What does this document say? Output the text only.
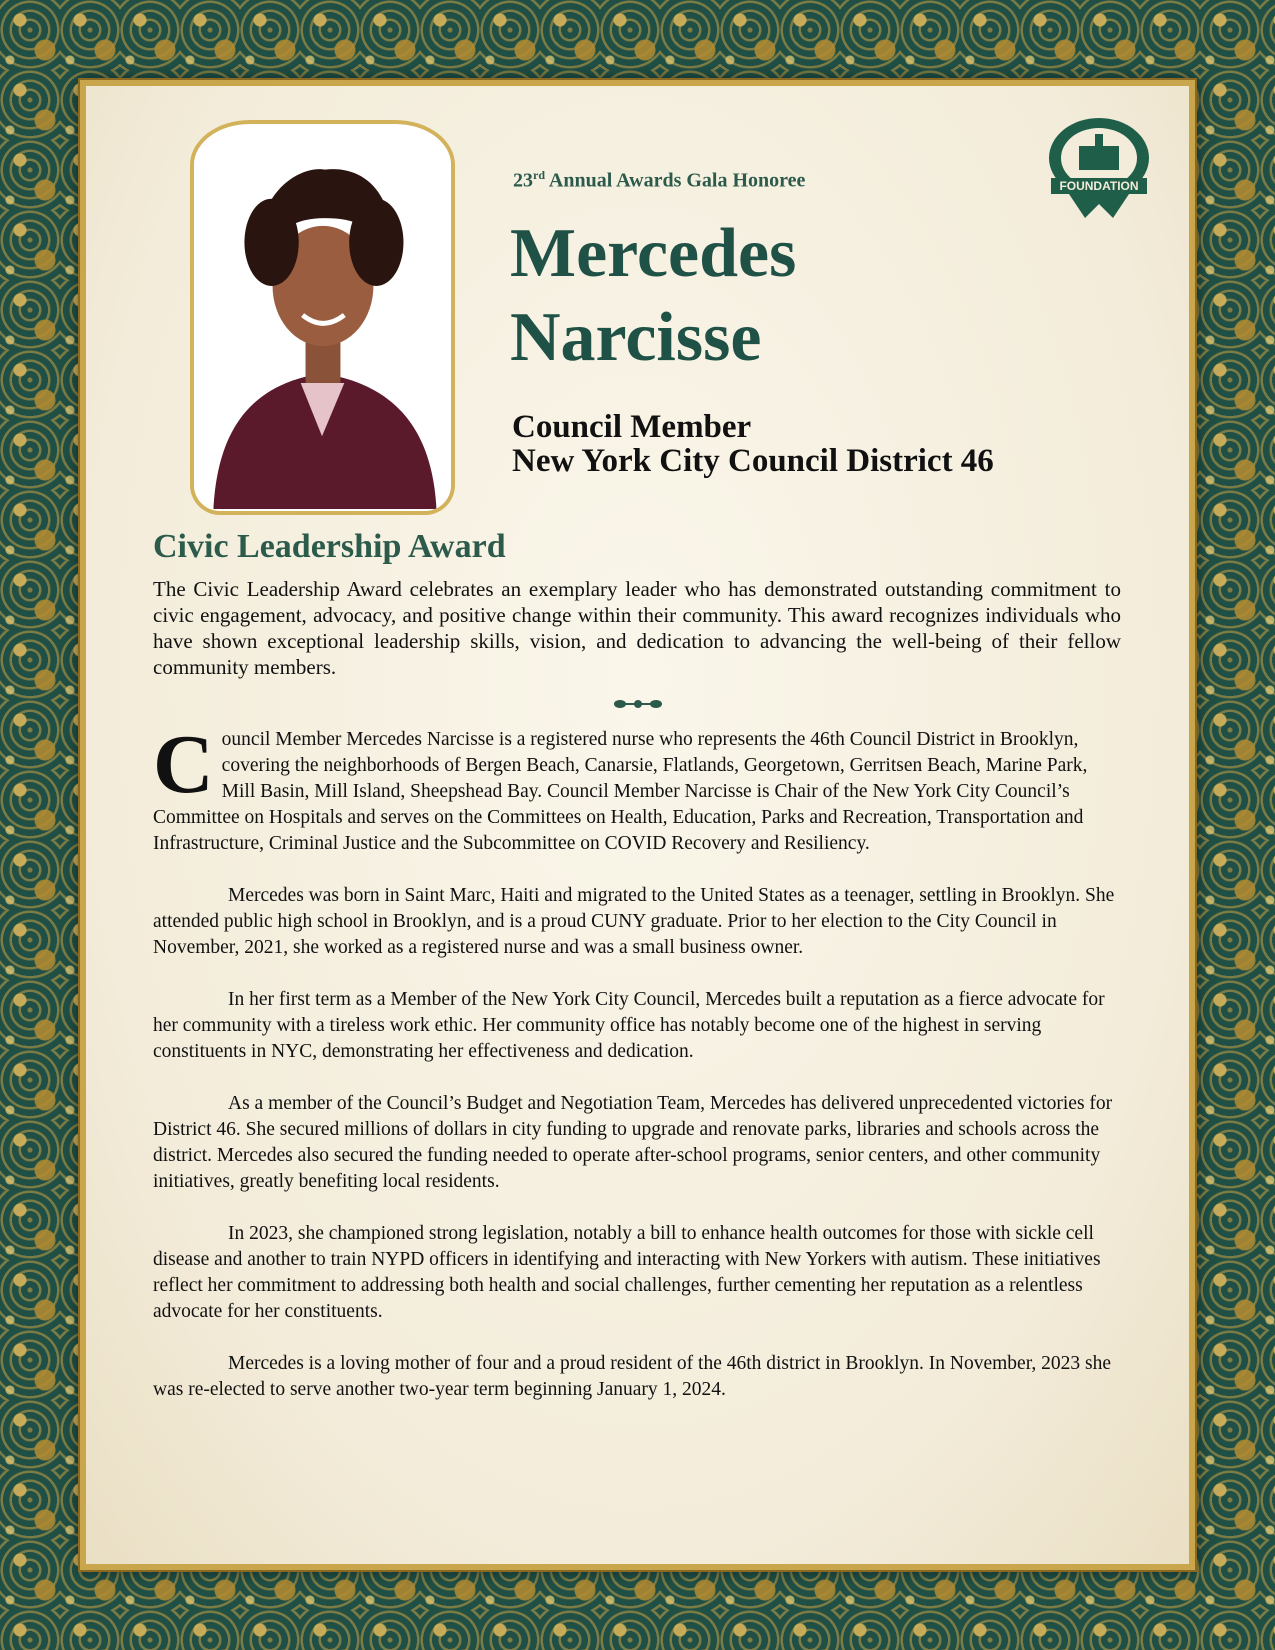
FOUNDATION

23rd Annual Awards Gala Honoree

Mercedes
Narcisse
Council Member
New York City Council District 46
Civic Leadership Award

The Civic Leadership Award celebrates an exemplary leader who has demonstrated outstanding commitment to civic engagement, advocacy, and positive change within their community. This award recognizes individuals who have shown exceptional leadership skills, vision, and dedication to advancing the well-being of their fellow community members.

Council Member Mercedes Narcisse is a registered nurse who represents the 46th Council District in Brooklyn, covering the neighborhoods of Bergen Beach, Canarsie, Flatlands, Georgetown, Gerritsen Beach, Marine Park, Mill Basin, Mill Island, Sheepshead Bay. Council Member Narcisse is Chair of the New York City Council’s Committee on Hospitals and serves on the Committees on Health, Education, Parks and Recreation, Transportation and Infrastructure, Criminal Justice and the Subcommittee on COVID Recovery and Resiliency.

Mercedes was born in Saint Marc, Haiti and migrated to the United States as a teenager, settling in Brooklyn. She attended public high school in Brooklyn, and is a proud CUNY graduate. Prior to her election to the City Council in November, 2021, she worked as a registered nurse and was a small business owner.

In her first term as a Member of the New York City Council, Mercedes built a reputation as a fierce advocate for her community with a tireless work ethic. Her community office has notably become one of the highest in serving constituents in NYC, demonstrating her effectiveness and dedication.

As a member of the Council’s Budget and Negotiation Team, Mercedes has delivered unprecedented victories for District 46. She secured millions of dollars in city funding to upgrade and renovate parks, libraries and schools across the district. Mercedes also secured the funding needed to operate after-school programs, senior centers, and other community initiatives, greatly benefiting local residents.

In 2023, she championed strong legislation, notably a bill to enhance health outcomes for those with sickle cell disease and another to train NYPD officers in identifying and interacting with New Yorkers with autism. These initiatives reflect her commitment to addressing both health and social challenges, further cementing her reputation as a relentless advocate for her constituents.

Mercedes is a loving mother of four and a proud resident of the 46th district in Brooklyn. In November, 2023 she was re-elected to serve another two-year term beginning January 1, 2024.
